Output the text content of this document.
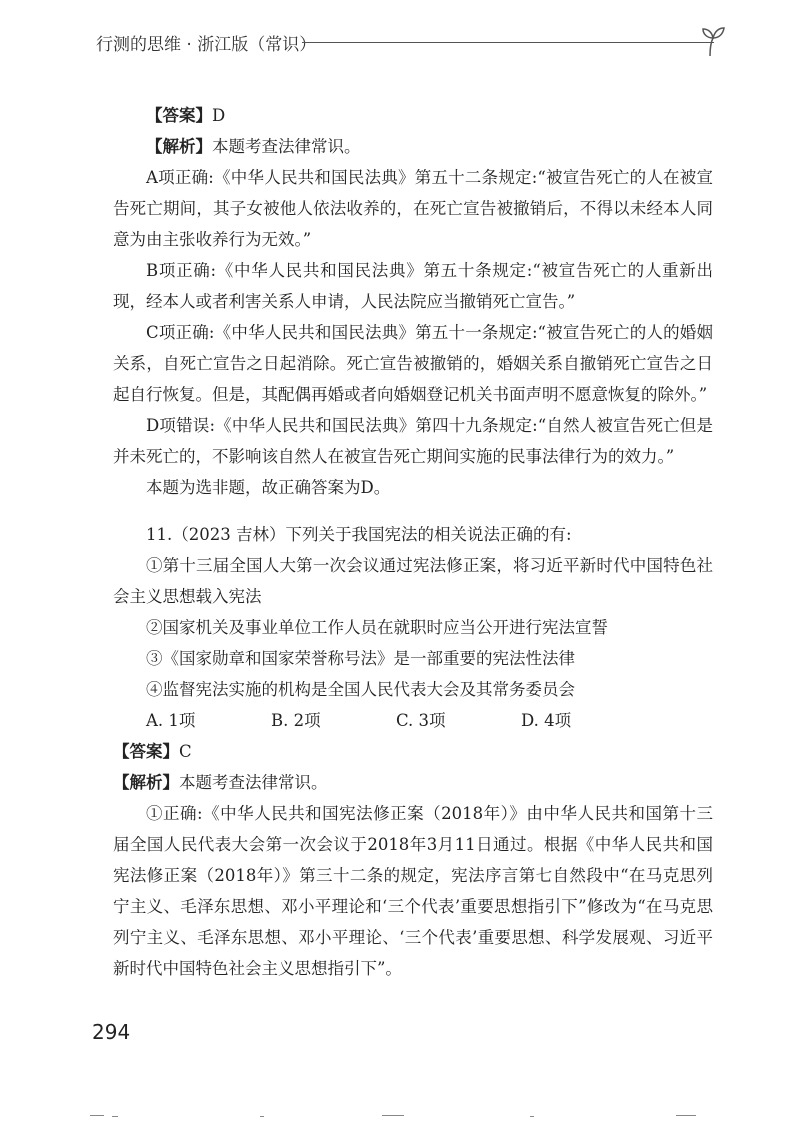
行测的思维 · 浙江版（常识）

【答案】D

【解析】本题考查法律常识。

A项正确:《中华人民共和国民法典》第五十二条规定:“被宣告死亡的人在被宣告死亡期间，其子女被他人依法收养的，在死亡宣告被撤销后，不得以未经本人同意为由主张收养行为无效。”

B项正确:《中华人民共和国民法典》第五十条规定:“被宣告死亡的人重新出现，经本人或者利害关系人申请，人民法院应当撤销死亡宣告。”

C项正确:《中华人民共和国民法典》第五十一条规定:“被宣告死亡的人的婚姻关系，自死亡宣告之日起消除。死亡宣告被撤销的，婚姻关系自撤销死亡宣告之日起自行恢复。但是，其配偶再婚或者向婚姻登记机关书面声明不愿意恢复的除外。”

D项错误:《中华人民共和国民法典》第四十九条规定:“自然人被宣告死亡但是并未死亡的，不影响该自然人在被宣告死亡期间实施的民事法律行为的效力。”

本题为选非题，故正确答案为D。

11.（2023 吉林）下列关于我国宪法的相关说法正确的有:

①第十三届全国人大第一次会议通过宪法修正案，将习近平新时代中国特色社会主义思想载入宪法

②国家机关及事业单位工作人员在就职时应当公开进行宪法宣誓

③《国家勋章和国家荣誉称号法》是一部重要的宪法性法律

④监督宪法实施的机构是全国人民代表大会及其常务委员会

A. 1项	B. 2项	C. 3项	D. 4项

【答案】C

【解析】本题考查法律常识。

①正确:《中华人民共和国宪法修正案（2018年）》由中华人民共和国第十三届全国人民代表大会第一次会议于2018年3月11日通过。根据《中华人民共和国宪法修正案（2018年）》第三十二条的规定，宪法序言第七自然段中“在马克思列宁主义、毛泽东思想、邓小平理论和‘三个代表’重要思想指引下”修改为“在马克思列宁主义、毛泽东思想、邓小平理论、‘三个代表’重要思想、科学发展观、习近平新时代中国特色社会主义思想指引下”。

294
